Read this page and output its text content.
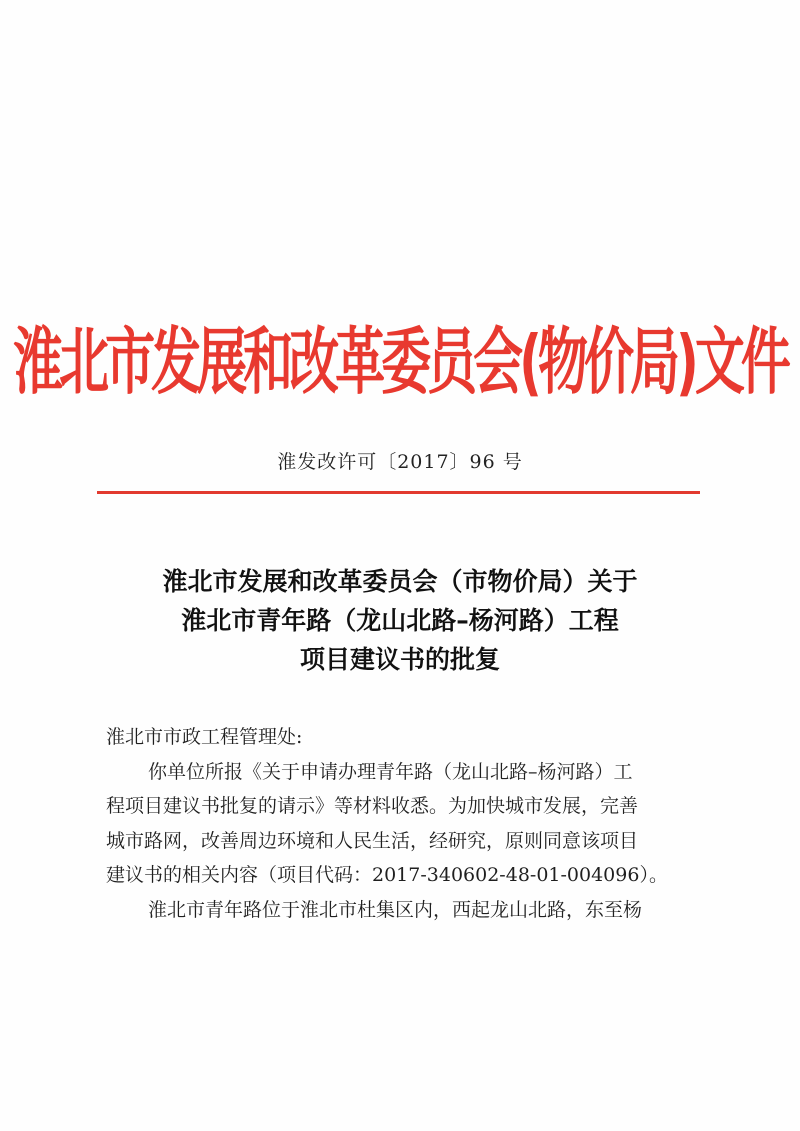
淮北市发展和改革委员会(物价局)文件
淮发改许可〔2017〕96 号
淮北市发展和改革委员会（市物价局）关于
淮北市青年路（龙山北路–杨河路）工程
项目建议书的批复
淮北市市政工程管理处:
你单位所报《关于申请办理青年路（龙山北路–杨河路）工
程项目建议书批复的请示》等材料收悉。为加快城市发展，完善
城市路网，改善周边环境和人民生活，经研究，原则同意该项目
建议书的相关内容（项目代码：2017-340602-48-01-004096）。
淮北市青年路位于淮北市杜集区内，西起龙山北路，东至杨
